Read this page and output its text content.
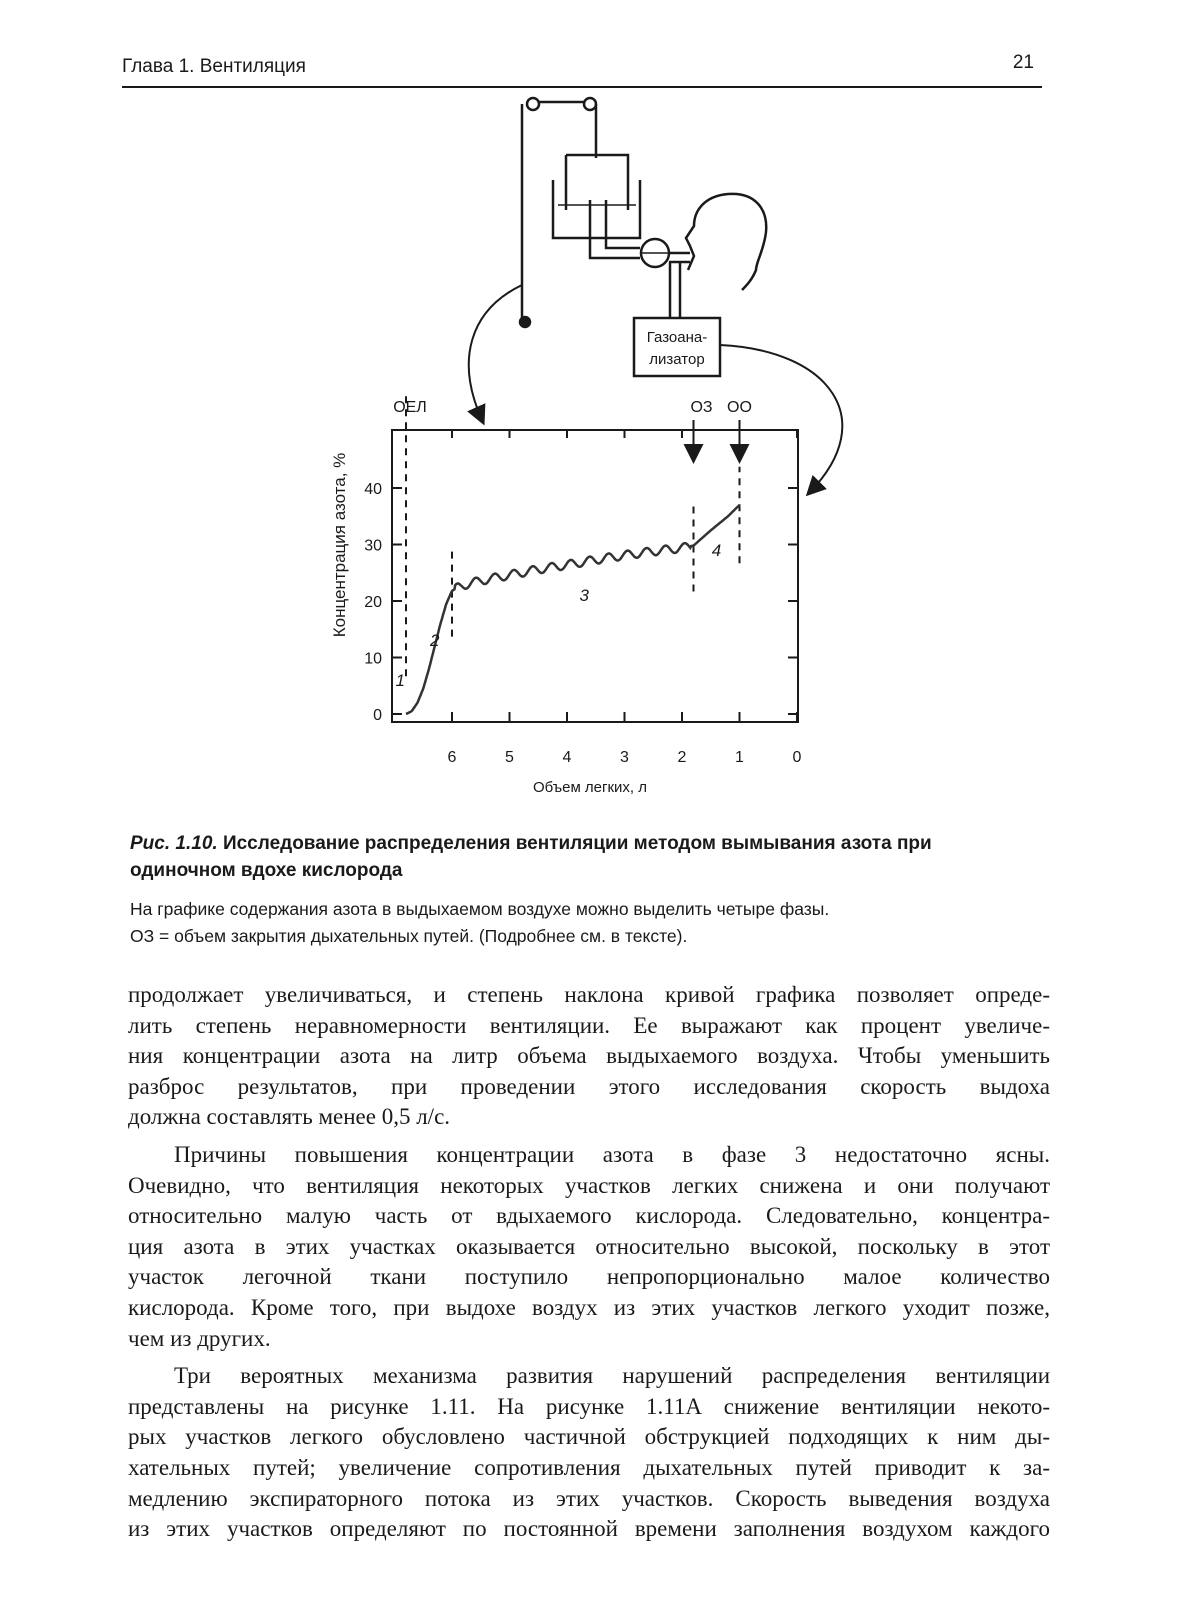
Глава 1. Вентиляция	21
Газоана-
лизатор
0
10
20
30
40
6	5	4	3	2	1	0
Концентрация азота, %
Объем легких, л
ОЕЛ	ОЗ ОО
1
2
3
4
Рис. 1.10. Исследование распределения вентиляции методом вымывания азота при
одиночном вдохе кислорода
На графике содержания азота в выдыхаемом воздухе можно выделить четыре фазы.
ОЗ = объем закрытия дыхательных путей. (Подробнее см. в тексте).
продолжает увеличиваться, и степень наклона кривой графика позволяет опреде-
лить степень неравномерности вентиляции. Ее выражают как процент увеличе-
ния концентрации азота на литр объема выдыхаемого воздуха. Чтобы уменьшить
разброс результатов, при проведении этого исследования скорость выдоха
должна составлять менее 0,5 л/с.
Причины повышения концентрации азота в фазе 3 недостаточно ясны.
Очевидно, что вентиляция некоторых участков легких снижена и они получают
относительно малую часть от вдыхаемого кислорода. Следовательно, концентра-
ция азота в этих участках оказывается относительно высокой, поскольку в этот
участок легочной ткани поступило непропорционально малое количество
кислорода. Кроме того, при выдохе воздух из этих участков легкого уходит позже,
чем из других.
Три вероятных механизма развития нарушений распределения вентиляции
представлены на рисунке 1.11. На рисунке 1.11А снижение вентиляции некото-
рых участков легкого обусловлено частичной обструкцией подходящих к ним ды-
хательных путей; увеличение сопротивления дыхательных путей приводит к за-
медлению экспираторного потока из этих участков. Скорость выведения воздуха
из этих участков определяют по постоянной времени заполнения воздухом каждого
